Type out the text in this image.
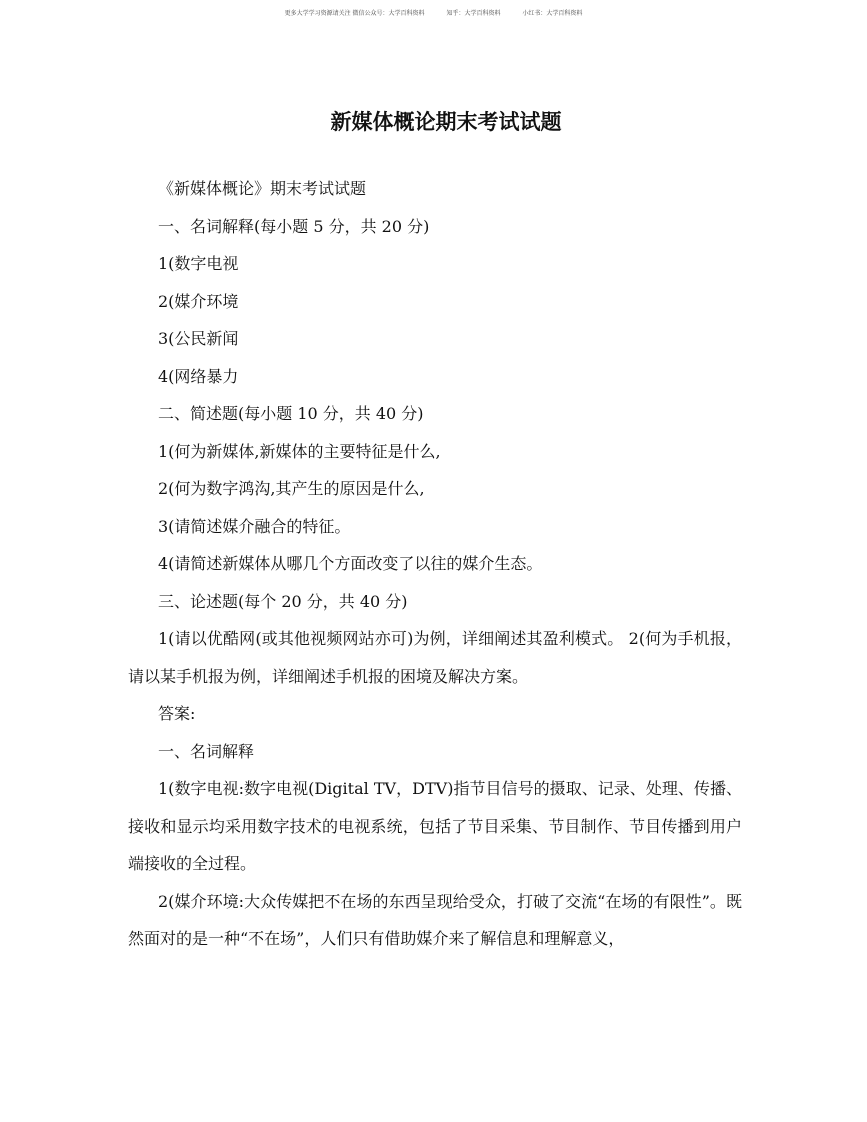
更多大学学习资源请关注 微信公众号：大学百科资料	知乎：大学百科资料	小红书：大学百科资料
新媒体概论期末考试试题

《新媒体概论》期末考试试题

一、名词解释(每小题 5 分，共 20 分)

1(数字电视

2(媒介环境

3(公民新闻

4(网络暴力

二、简述题(每小题 10 分，共 40 分)

1(何为新媒体,新媒体的主要特征是什么,

2(何为数字鸿沟,其产生的原因是什么,

3(请简述媒介融合的特征。

4(请简述新媒体从哪几个方面改变了以往的媒介生态。

三、论述题(每个 20 分，共 40 分)

1(请以优酷网(或其他视频网站亦可)为例，详细阐述其盈利模式。 2(何为手机报，请以某手机报为例，详细阐述手机报的困境及解决方案。

答案:

一、名词解释

1(数字电视:数字电视(Digital TV，DTV)指节目信号的摄取、记录、处理、传播、接收和显示均采用数字技术的电视系统，包括了节目采集、节目制作、节目传播到用户端接收的全过程。

2(媒介环境:大众传媒把不在场的东西呈现给受众，打破了交流“在场的有限性”。既然面对的是一种“不在场”，人们只有借助媒介来了解信息和理解意义，
